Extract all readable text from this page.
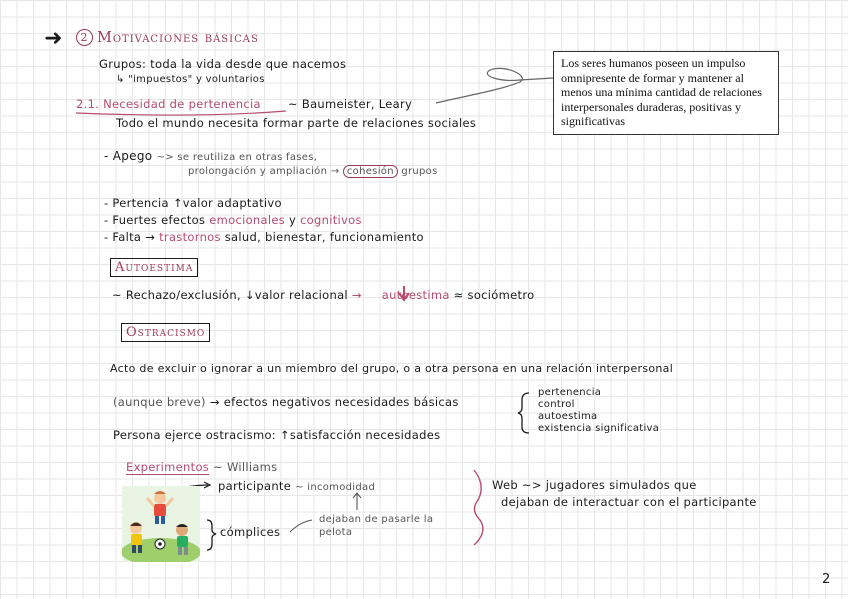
➜	2 Motivaciones básicas
Grupos: toda la vida desde que nacemos
↳ "impuestos" y voluntarios
Los seres humanos poseen un impulso omnipresente de formar y mantener al menos una mínima cantidad de relaciones interpersonales duraderas, positivas y significativas
2.1. Necesidad de pertenencia ~ Baumeister, Leary
Todo el mundo necesita formar parte de relaciones sociales
- Apego ~> se reutiliza en otras fases,
prolongación y ampliación → cohesión grupos
- Pertencia ↑valor adaptativo
- Fuertes efectos emocionales y cognitivos
- Falta → trastornos salud, bienestar, funcionamiento
Autoestima
~ Rechazo/exclusión, ↓valor relacional → autoestima ≈ sociómetro
Ostracismo
Acto de excluir o ignorar a un miembro del grupo, o a otra persona en una relación interpersonal
(aunque breve) → efectos negativos necesidades básicas
pertenencia
control
autoestima
existencia significativa
Persona ejerce ostracismo: ↑satisfacción necesidades
Experimentos ~ Williams
participante ~ incomodidad
cómplices
dejaban de pasarle la pelota
Web ~> jugadores simulados que
dejaban de interactuar con el participante
2
